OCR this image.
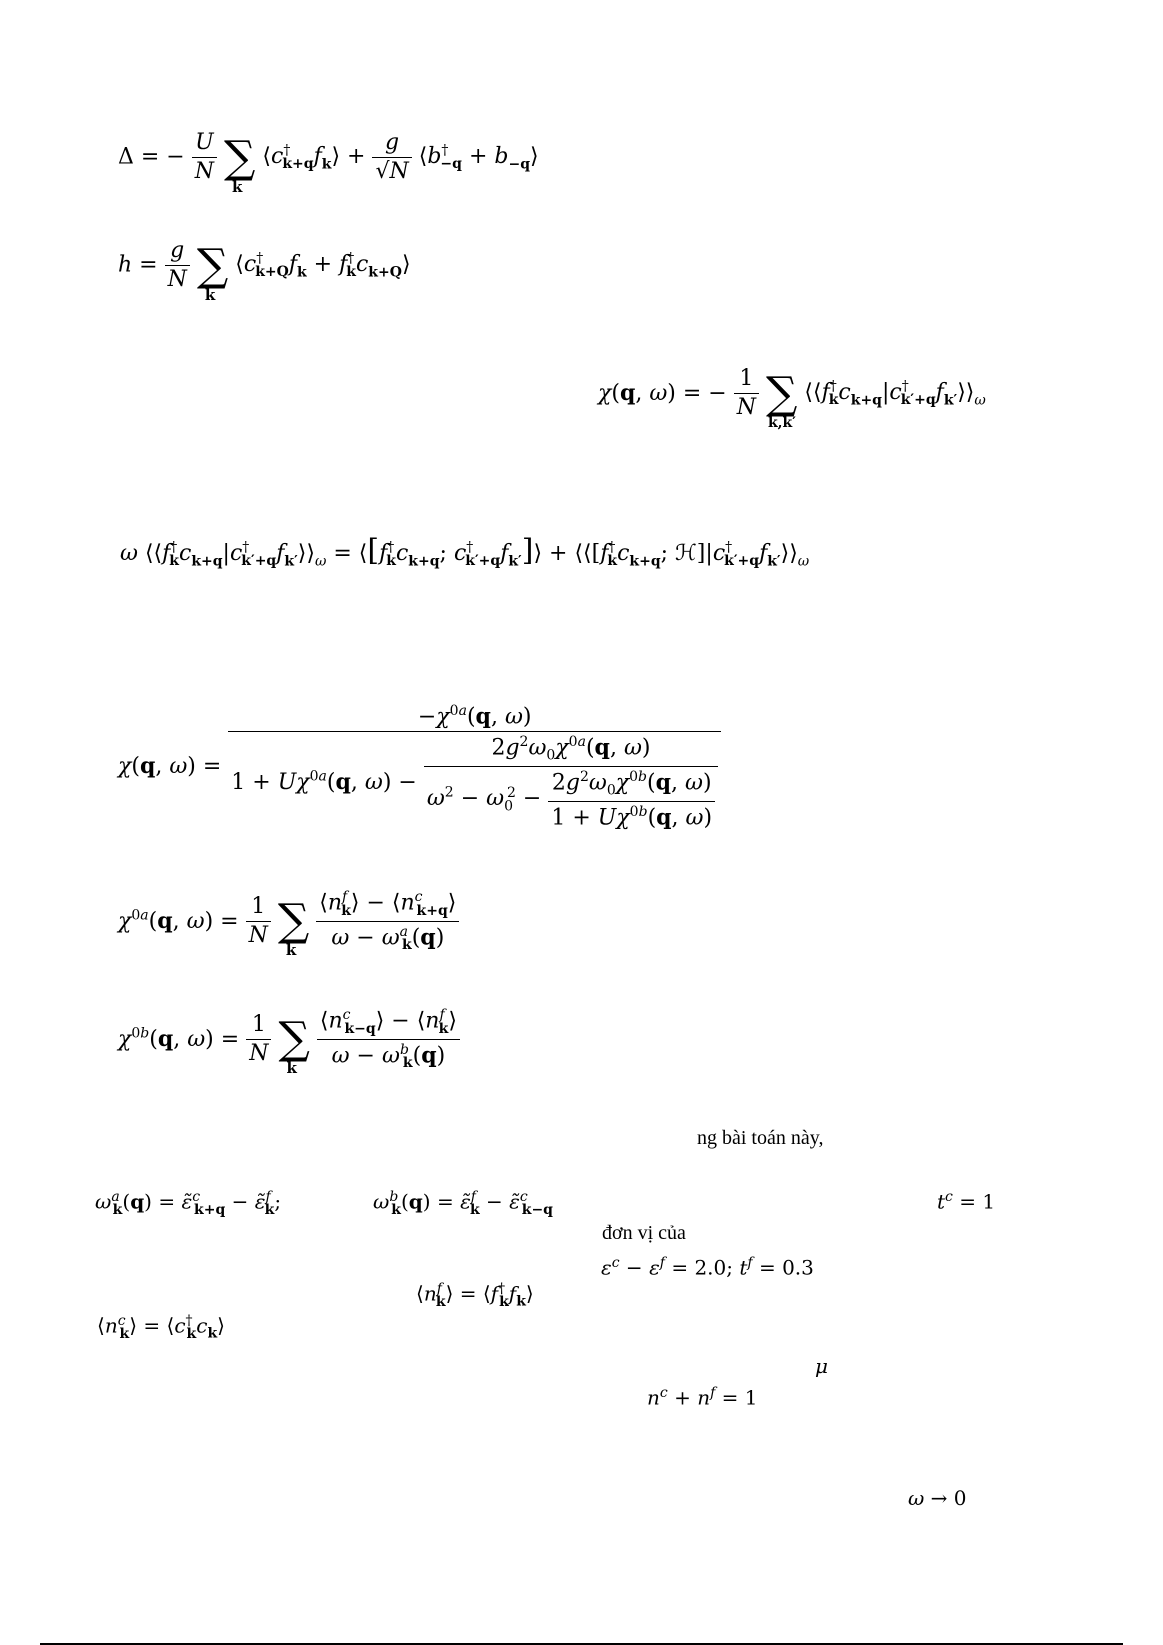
Δ = − $\frac{U}{N}$ ∑
k
$⟨c^\dagger_{k+q}f_k⟩ + \frac{g}{√N}$ $⟨b^\dagger_{-q}$ + $b_{-q}⟩$
$h = \frac{g}{N}$ ∑
k
$⟨c^\dagger_{k+Q}f_k$ + $f^\dagger_kc_{k+Q}⟩$
χ(q, ω) = − $\frac{1}{N}$ ∑
k,k′
$⟨⟨f^\dagger_kc_{k+q}|c^\dagger_{k'+q}f_{k'}⟩⟩_\omega$
ω $⟨⟨f^\dagger_kc_{k+q}|c^\dagger_{k'+q}f_{k'}⟩⟩_\omega$ = $⟨[f^\dagger_kc_{k+q}$; $c^\dagger_{k'+q}f_{k'}]⟩$ + $⟨⟨[f^\dagger_kc_{k+q}$; $ℋ]|c^\dagger_{k'+q}f_{k'}⟩⟩_\omega$
χ(q, ω) =
$-\chi^{0a}(q$, ω)
$1 + U\chi^{0a}(q$, ω) −
$2g^2\omega_0\chi^{0a}(q$, ω)
$\omega^2 - \omega_0^2 - \frac{2g^2\omega_0\chi^{0b}(q, \omega)}{1 + U\chi^{0b}(q, \omega)}$
$\chi^{0a}(q$, $\omega) = \frac{1}{N}$ ∑
k
$\frac{⟨n^f_k⟩ - ⟨n^c_{k+q}⟩}{\omega - \omega^a_k(q)}$
$\chi^{0b}(q$, $\omega) = \frac{1}{N}$ ∑
k
$\frac{⟨n^c_{k-q}⟩ - ⟨n^f_k⟩}{\omega - \omega^b_k(q)}$
ng bài toán này,
đơn vị của
$\omega^a_k(q)$ = ε̃$^c_{k+q}$ − ε̃$^f_k$;	$\omega^b_k(q)$ = ε̃$^f_k$ − ε̃$^c_{k-q}$	$t^c = 1$
$\varepsilon^c - \varepsilon^f = 2.0$; $t^f = 0.3$
$⟨n^f_k⟩$ = $⟨f^\dagger_kf_k⟩$
$⟨n^c_k⟩$ = $⟨c^\dagger_kc_k⟩$
μ
$n^c + n^f = 1$
ω → 0
